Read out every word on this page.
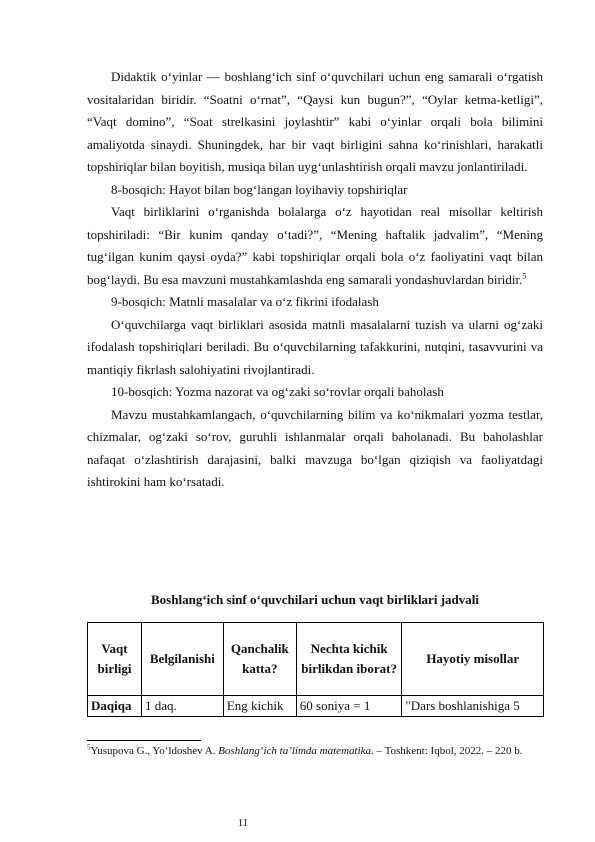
Didaktik o‘yinlar — boshlang‘ich sinf o‘quvchilari uchun eng samarali o‘rgatish vositalaridan biridir. “Soatni o‘rnat”, “Qaysi kun bugun?”, “Oylar ketma-ketligi”, “Vaqt domino”, “Soat strelkasini joylashtir” kabi o‘yinlar orqali bola bilimini amaliyotda sinaydi. Shuningdek, har bir vaqt birligini sahna ko‘rinishlari, harakatli topshiriqlar bilan boyitish, musiqa bilan uyg‘unlashtirish orqali mavzu jonlantiriladi.

8-bosqich: Hayot bilan bog‘langan loyihaviy topshiriqlar

Vaqt birliklarini o‘rganishda bolalarga o‘z hayotidan real misollar keltirish topshiriladi: “Bir kunim qanday o‘tadi?”, “Mening haftalik jadvalim”, “Mening tug‘ilgan kunim qaysi oyda?” kabi topshiriqlar orqali bola o‘z faoliyatini vaqt bilan bog‘laydi. Bu esa mavzuni mustahkamlashda eng samarali yondashuvlardan biridir.$^5$

9-bosqich: Matnli masalalar va o‘z fikrini ifodalash

O‘quvchilarga vaqt birliklari asosida matnli masalalarni tuzish va ularni og‘zaki ifodalash topshiriqlari beriladi. Bu o‘quvchilarning tafakkurini, nutqini, tasavvurini va mantiqiy fikrlash salohiyatini rivojlantiradi.

10-bosqich: Yozma nazorat va og‘zaki so‘rovlar orqali baholash

Mavzu mustahkamlangach, o‘quvchilarning bilim va ko‘nikmalari yozma testlar, chizmalar, og‘zaki so‘rov, guruhli ishlanmalar orqali baholanadi. Bu baholashlar nafaqat o‘zlashtirish darajasini, balki mavzuga bo‘lgan qiziqish va faoliyatdagi ishtirokini ham ko‘rsatadi.

Boshlang‘ich sinf o‘quvchilari uchun vaqt birliklari jadvali
Vaqt birligi	Belgilanishi	Qanchalik katta?	Nechta kichik birlikdan iborat?	Hayotiy misollar
Daqiqa	1 daq.	Eng kichik	60 soniya = 1	"Dars boshlanishiga 5
$^5$Yusupova G., Yo‘ldoshev A. Boshlang‘ich ta’limda matematika. – Toshkent: Iqbol, 2022. – 220 b.
11
